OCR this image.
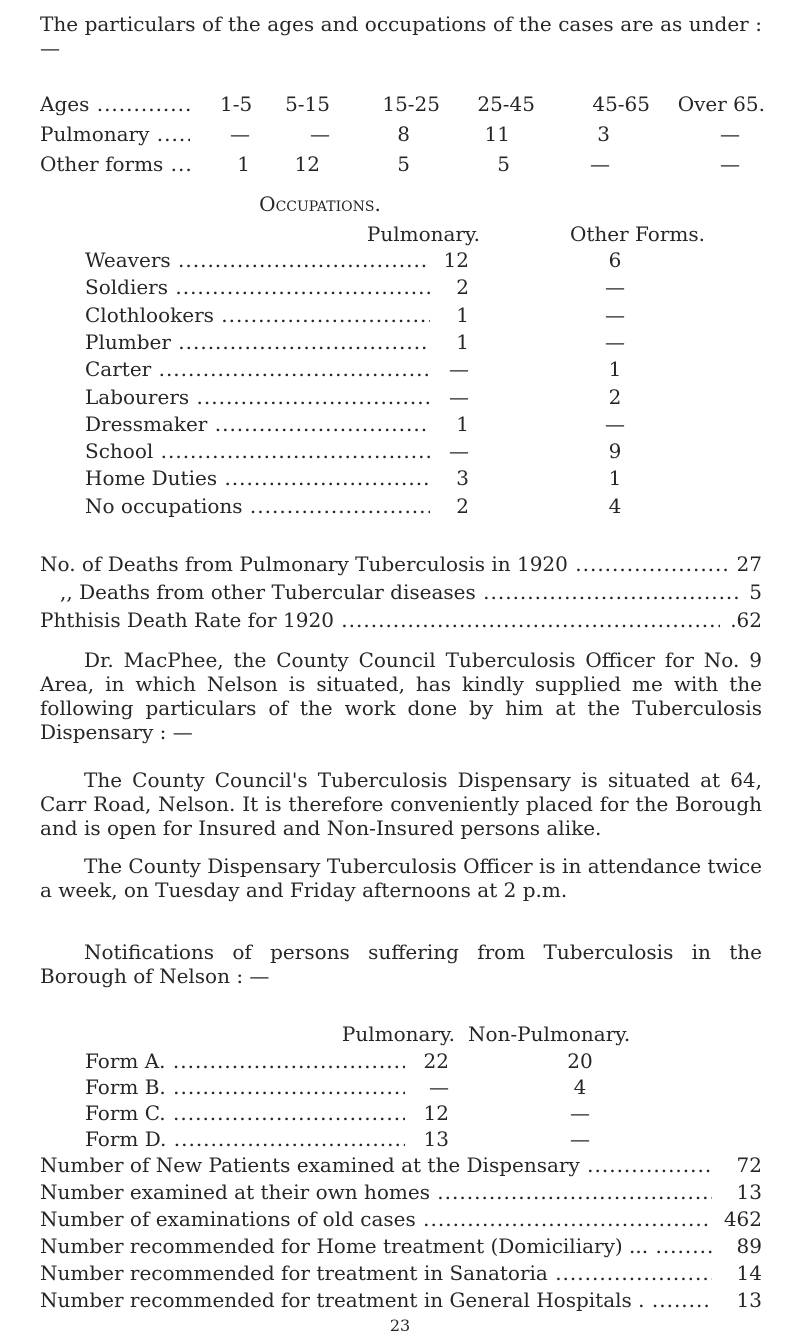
The particulars of the ages and occupations of the cases are as under : —
Ages .....	1-5	5-15	15-25	25-45	45-65	Over 65.
Pulmonary .....	—	—	8	11	3	—
Other forms .....	1	12	5	5	—	—
Occupations.
Pulmonary.	Other Forms.
Weavers .....	12	6
Soldiers .....	2	—
Clothlookers .....	1	—
Plumber .....	1	—
Carter .....	—	1
Labourers .....	—	2
Dressmaker .....	1	—
School .....	—	9
Home Duties .....	3	1
No occupations .....	2	4
No. of Deaths from Pulmonary Tuberculosis in 1920 .....	27
,, Deaths from other Tubercular diseases .....	5
Phthisis Death Rate for 1920 .....	.62
Dr. MacPhee, the County Council Tuberculosis Officer for No. 9 Area, in which Nelson is situated, has kindly supplied me with the following particulars of the work done by him at the Tuberculosis Dispensary : —
The County Council's Tuberculosis Dispensary is situated at 64, Carr Road, Nelson. It is therefore conveniently placed for the Borough and is open for Insured and Non-Insured persons alike.
The County Dispensary Tuberculosis Officer is in attendance twice a week, on Tuesday and Friday afternoons at 2 p.m.
Notifications of persons suffering from Tuberculosis in the Borough of Nelson : —
Pulmonary. Non-Pulmonary.
Form A. .....	22	20
Form B. .....	—	4
Form C. .....	12	—
Form D. .....	13	—
Number of New Patients examined at the Dispensary .....	72
Number examined at their own homes .....	13
Number of examinations of old cases .....	462
Number recommended for Home treatment (Domiciliary) ... .....	89
Number recommended for treatment in Sanatoria .....	14
Number recommended for treatment in General Hospitals . .....	13
23
